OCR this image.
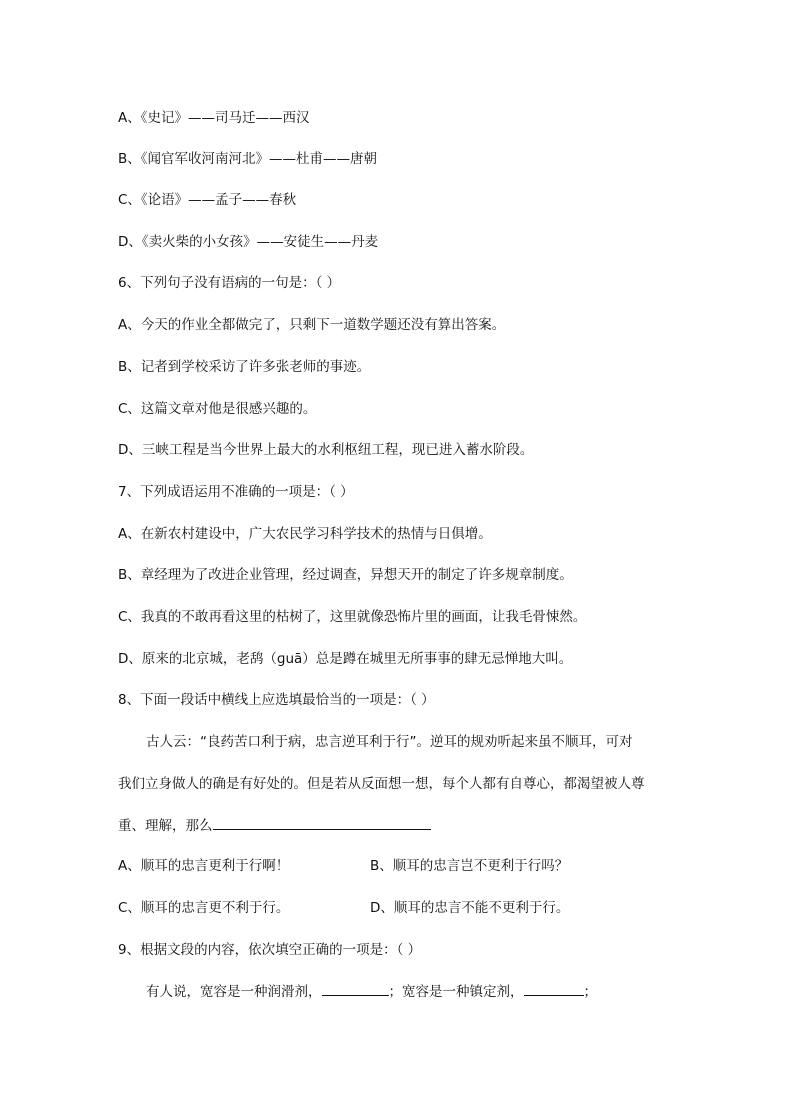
A、《史记》——司马迁——西汉
B、《闻官军收河南河北》——杜甫——唐朝
C、《论语》——孟子——春秋
D、《卖火柴的小女孩》——安徒生——丹麦
6、下列句子没有语病的一句是：（ ）
A、今天的作业全都做完了，只剩下一道数学题还没有算出答案。
B、记者到学校采访了许多张老师的事迹。
C、这篇文章对他是很感兴趣的。
D、三峡工程是当今世界上最大的水利枢纽工程，现已进入蓄水阶段。
7、下列成语运用不准确的一项是：（ ）
A、在新农村建设中，广大农民学习科学技术的热情与日俱增。
B、章经理为了改进企业管理，经过调查，异想天开的制定了许多规章制度。
C、我真的不敢再看这里的枯树了，这里就像恐怖片里的画面，让我毛骨悚然。
D、原来的北京城，老鸹（ɡuā）总是蹲在城里无所事事的肆无忌惮地大叫。
8、下面一段话中横线上应选填最恰当的一项是：（ ）
古人云：“良药苦口利于病，忠言逆耳利于行”。逆耳的规劝听起来虽不顺耳，可对
我们立身做人的确是有好处的。但是若从反面想一想，每个人都有自尊心，都渴望被人尊
重、理解，那么
A、顺耳的忠言更利于行啊！	B、顺耳的忠言岂不更利于行吗？
C、顺耳的忠言更不利于行。	D、顺耳的忠言不能不更利于行。
9、根据文段的内容，依次填空正确的一项是：（ ）
有人说，宽容是一种润滑剂，	；宽容是一种镇定剂，	；
